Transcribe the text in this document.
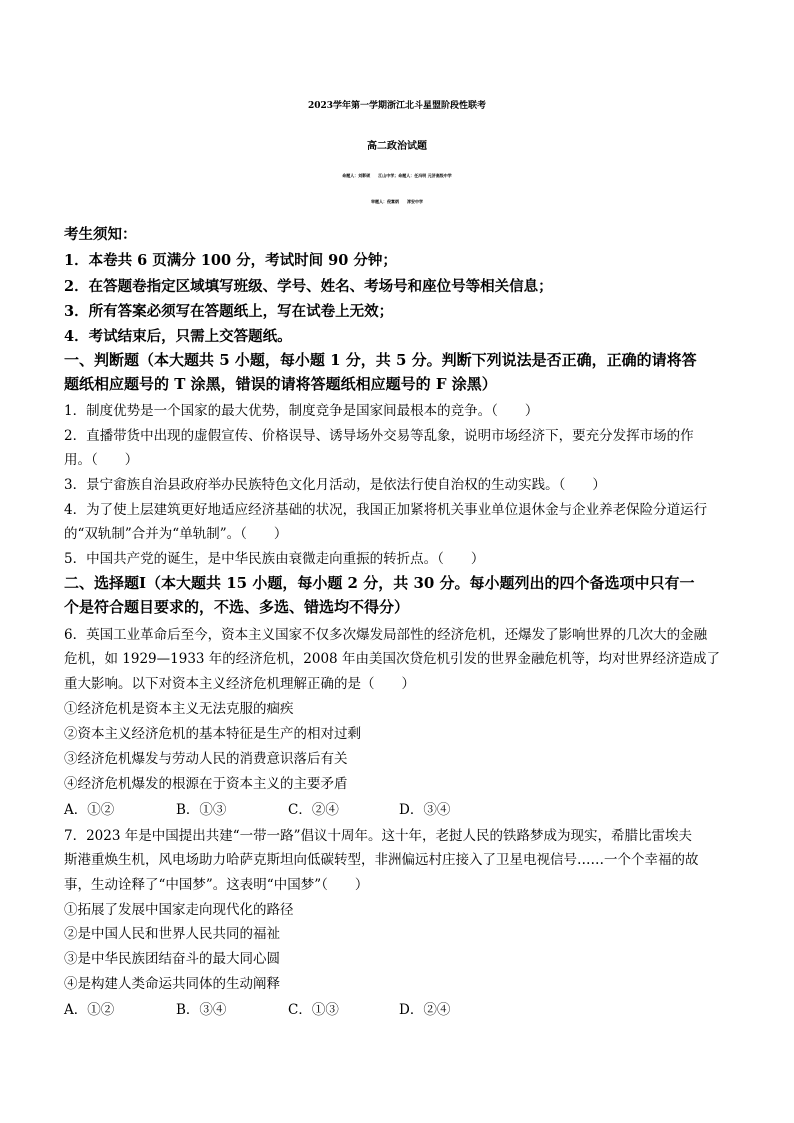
2023学年第一学期浙江北斗星盟阶段性联考
高二政治试题
命题人：刘影硕　　江山中学；命题人：任冯明 元济高级中学
审题人：倪富炳　　淳安中学
考生须知：
1．本卷共 6 页满分 100 分，考试时间 90 分钟；
2．在答题卷指定区域填写班级、学号、姓名、考场号和座位号等相关信息；
3．所有答案必须写在答题纸上，写在试卷上无效；
4．考试结束后，只需上交答题纸。
一、判断题（本大题共 5 小题，每小题 1 分，共 5 分。判断下列说法是否正确，正确的请将答
题纸相应题号的 T 涂黑，错误的请将答题纸相应题号的 F 涂黑）
1．制度优势是一个国家的最大优势，制度竞争是国家间最根本的竞争。（　　）
2．直播带货中出现的虚假宣传、价格误导、诱导场外交易等乱象，说明市场经济下，要充分发挥市场的作
用。（　　）
3．景宁畲族自治县政府举办民族特色文化月活动，是依法行使自治权的生动实践。（　　）
4．为了使上层建筑更好地适应经济基础的状况，我国正加紧将机关事业单位退休金与企业养老保险分道运行
的“双轨制”合并为“单轨制”。（　　）
5．中国共产党的诞生，是中华民族由衰微走向重振的转折点。（　　）
二、选择题Ⅰ（本大题共 15 小题，每小题 2 分，共 30 分。每小题列出的四个备选项中只有一
个是符合题目要求的，不选、多选、错选均不得分）
6．英国工业革命后至今，资本主义国家不仅多次爆发局部性的经济危机，还爆发了影响世界的几次大的金融
危机，如 1929—1933 年的经济危机，2008 年由美国次贷危机引发的世界金融危机等，均对世界经济造成了
重大影响。以下对资本主义经济危机理解正确的是（　　）
①经济危机是资本主义无法克服的痼疾
②资本主义经济危机的基本特征是生产的相对过剩
③经济危机爆发与劳动人民的消费意识落后有关
④经济危机爆发的根源在于资本主义的主要矛盾
A．①②	B．①③	C．②④	D．③④
7．2023 年是中国提出共建“一带一路”倡议十周年。这十年，老挝人民的铁路梦成为现实，希腊比雷埃夫
斯港重焕生机，风电场助力哈萨克斯坦向低碳转型，非洲偏远村庄接入了卫星电视信号……一个个幸福的故
事，生动诠释了“中国梦”。这表明“中国梦”（　　）
①拓展了发展中国家走向现代化的路径
②是中国人民和世界人民共同的福祉
③是中华民族团结奋斗的最大同心圆
④是构建人类命运共同体的生动阐释
A．①②	B．③④	C．①③	D．②④
